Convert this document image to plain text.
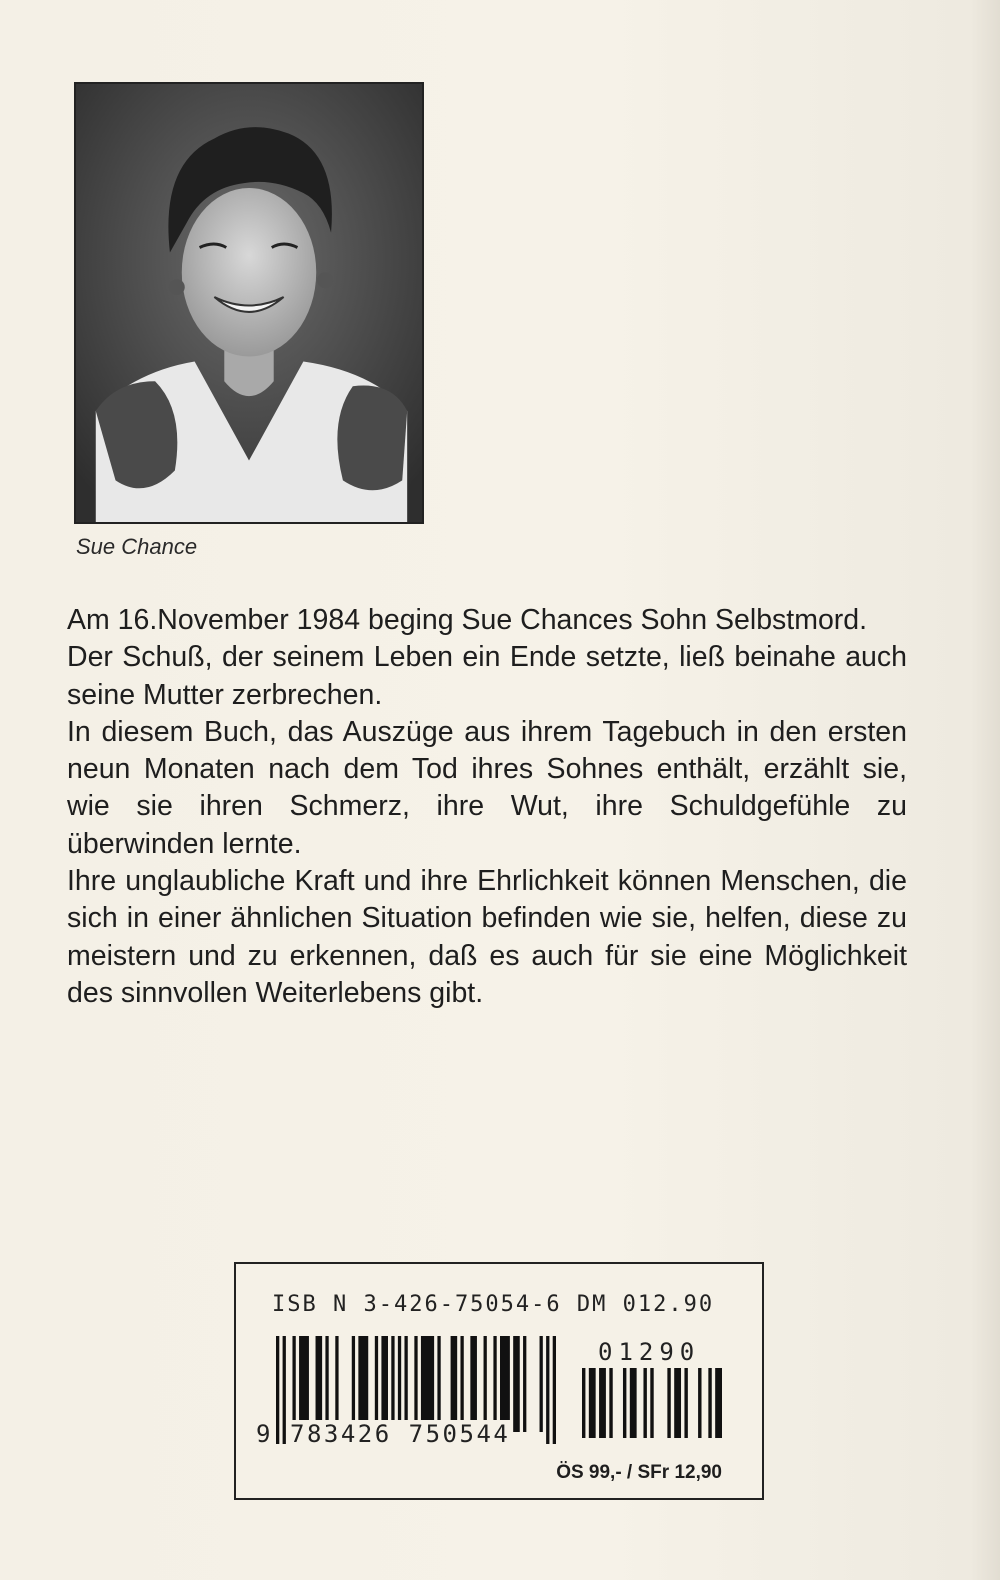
Sue Chance

Am 16.November 1984 beging Sue Chances Sohn Selbstmord.

Der Schuß, der seinem Leben ein Ende setzte, ließ beinahe auch seine Mutter zerbrechen.

In diesem Buch, das Auszüge aus ihrem Tagebuch in den ersten neun Monaten nach dem Tod ihres Sohnes enthält, erzählt sie, wie sie ihren Schmerz, ihre Wut, ihre Schuldgefühle zu überwinden lernte.

Ihre unglaubliche Kraft und ihre Ehrlichkeit können Menschen, die sich in einer ähnlichen Situation befinden wie sie, helfen, diese zu meistern und zu erkennen, daß es auch für sie eine Möglichkeit des sinnvollen Weiterlebens gibt.

ISB N 3-426-75054-6 DM 012.90
9 783426 750544
01290
ÖS 99,- / SFr 12,90
